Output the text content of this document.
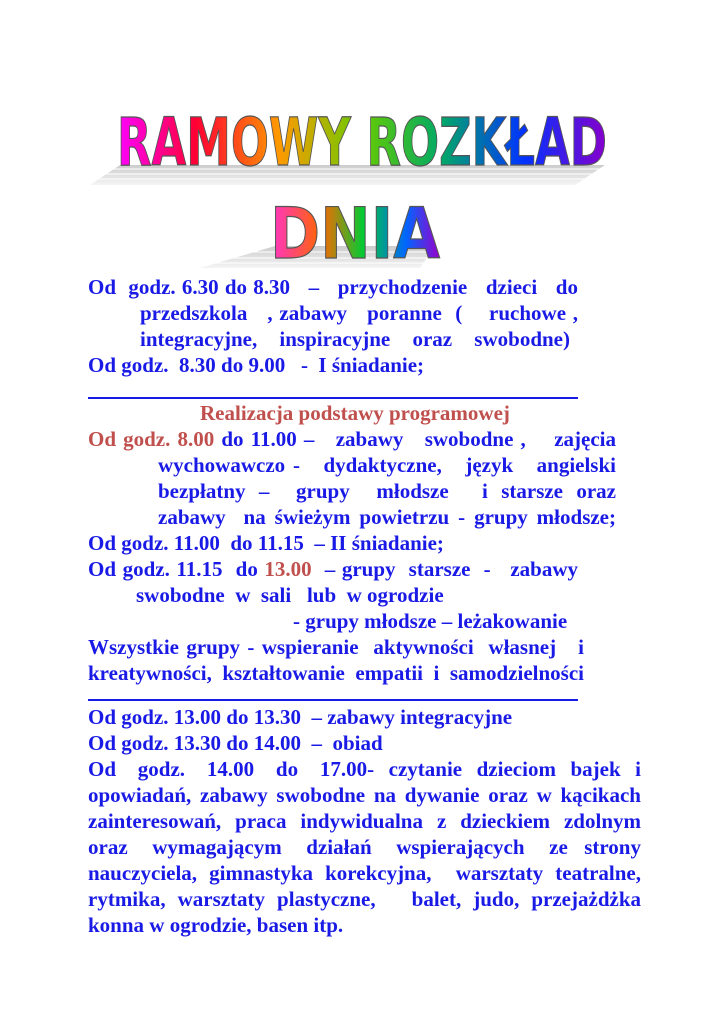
RAMOWY ROZKŁAD
DNIA
Od  godz. 6.30 do 8.30   –   przychodzenie   dzieci   do
przedszkola   , zabawy   poranne  (    ruchowe ,
integracyjne,   inspiracyjne   oraz   swobodne)
Od godz.  8.30 do 9.00   -  I śniadanie;
Realizacja podstawy programowej
Od godz. 8.00 do 11.00 –   zabawy   swobodne ,    zajęcia
wychowawczo -   dydaktyczne,   język   angielski
bezpłatny  –    grupy    młodsze     i  starsze  oraz
zabawy  na świeżym powietrzu - grupy młodsze;
Od godz. 11.00  do 11.15  – II śniadanie;
Od godz. 11.15  do 13.00  – grupy  starsze  -   zabawy
swobodne  w  sali   lub  w ogrodzie
- grupy młodsze – leżakowanie
Wszystkie grupy - wspieranie  aktywności  własnej   i
kreatywności, kształtowanie empatii i samodzielności
Od godz. 13.00 do 13.30  – zabawy integracyjne
Od godz. 13.30 do 14.00  –  obiad
Od   godz.   14.00   do   17.00-  czytanie  dzieciom  bajek  i
opowiadań, zabawy swobodne na dywanie oraz w kącikach
zainteresowań, praca indywidualna z dzieckiem zdolnym
oraz   wymagającym   działań   wspierających   ze  strony
nauczyciela, gimnastyka korekcyjna,  warsztaty teatralne,
rytmika, warsztaty plastyczne,   balet, judo, przejażdżka
konna w ogrodzie, basen itp.
